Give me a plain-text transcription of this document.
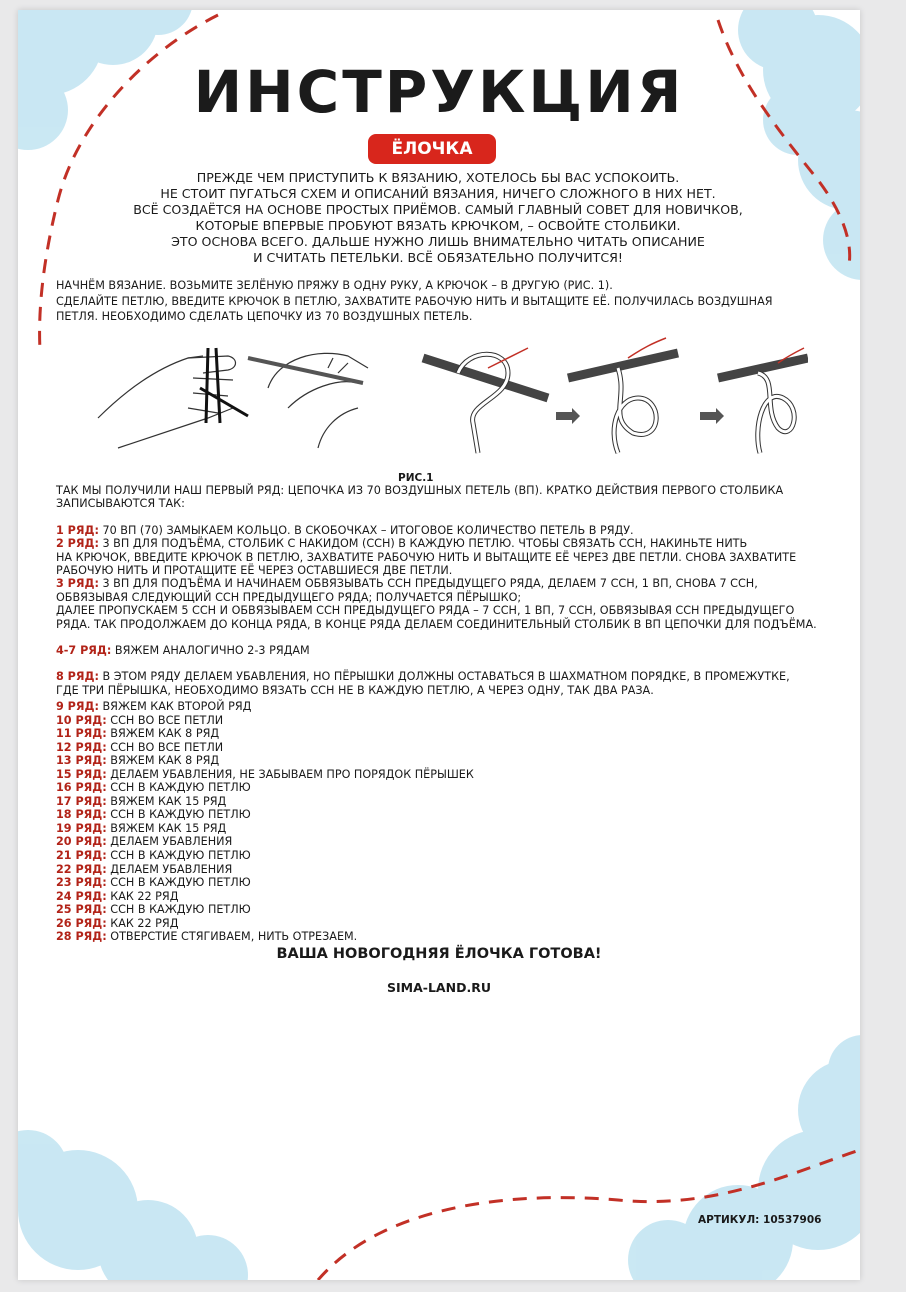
ИНСТРУКЦИЯ
ЁЛОЧКА
ПРЕЖДЕ ЧЕМ ПРИСТУПИТЬ К ВЯЗАНИЮ, ХОТЕЛОСЬ БЫ ВАС УСПОКОИТЬ.
НЕ СТОИТ ПУГАТЬСЯ СХЕМ И ОПИСАНИЙ ВЯЗАНИЯ, НИЧЕГО СЛОЖНОГО В НИХ НЕТ.
ВСЁ СОЗДАЁТСЯ НА ОСНОВЕ ПРОСТЫХ ПРИЁМОВ. САМЫЙ ГЛАВНЫЙ СОВЕТ ДЛЯ НОВИЧКОВ,
КОТОРЫЕ ВПЕРВЫЕ ПРОБУЮТ ВЯЗАТЬ КРЮЧКОМ, – ОСВОЙТЕ СТОЛБИКИ.
ЭТО ОСНОВА ВСЕГО. ДАЛЬШЕ НУЖНО ЛИШЬ ВНИМАТЕЛЬНО ЧИТАТЬ ОПИСАНИЕ
И СЧИТАТЬ ПЕТЕЛЬКИ. ВСЁ ОБЯЗАТЕЛЬНО ПОЛУЧИТСЯ!
НАЧНЁМ ВЯЗАНИЕ. ВОЗЬМИТЕ ЗЕЛЁНУЮ ПРЯЖУ В ОДНУ РУКУ, А КРЮЧОК – В ДРУГУЮ (РИС. 1).
СДЕЛАЙТЕ ПЕТЛЮ, ВВЕДИТЕ КРЮЧОК В ПЕТЛЮ, ЗАХВАТИТЕ РАБОЧУЮ НИТЬ И ВЫТАЩИТЕ ЕЁ. ПОЛУЧИЛАСЬ ВОЗДУШНАЯ
ПЕТЛЯ. НЕОБХОДИМО СДЕЛАТЬ ЦЕПОЧКУ ИЗ 70 ВОЗДУШНЫХ ПЕТЕЛЬ.
РИС.1
ТАК МЫ ПОЛУЧИЛИ НАШ ПЕРВЫЙ РЯД: ЦЕПОЧКА ИЗ 70 ВОЗДУШНЫХ ПЕТЕЛЬ (ВП). КРАТКО ДЕЙСТВИЯ ПЕРВОГО СТОЛБИКА
ЗАПИСЫВАЮТСЯ ТАК:
1 РЯД: 70 ВП (70) ЗАМЫКАЕМ КОЛЬЦО. В СКОБОЧКАХ – ИТОГОВОЕ КОЛИЧЕСТВО ПЕТЕЛЬ В РЯДУ.
2 РЯД: 3 ВП ДЛЯ ПОДЪЁМА, СТОЛБИК С НАКИДОМ (ССН) В КАЖДУЮ ПЕТЛЮ. ЧТОБЫ СВЯЗАТЬ ССН, НАКИНЬТЕ НИТЬ
НА КРЮЧОК, ВВЕДИТЕ КРЮЧОК В ПЕТЛЮ, ЗАХВАТИТЕ РАБОЧУЮ НИТЬ И ВЫТАЩИТЕ ЕЁ ЧЕРЕЗ ДВЕ ПЕТЛИ. СНОВА ЗАХВАТИТЕ
РАБОЧУЮ НИТЬ И ПРОТАЩИТЕ ЕЁ ЧЕРЕЗ ОСТАВШИЕСЯ ДВЕ ПЕТЛИ.
3 РЯД: 3 ВП ДЛЯ ПОДЪЁМА И НАЧИНАЕМ ОБВЯЗЫВАТЬ ССН ПРЕДЫДУЩЕГО РЯДА, ДЕЛАЕМ 7 ССН, 1 ВП, СНОВА 7 ССН,
ОБВЯЗЫВАЯ СЛЕДУЮЩИЙ ССН ПРЕДЫДУЩЕГО РЯДА; ПОЛУЧАЕТСЯ ПЁРЫШКО;
ДАЛЕЕ ПРОПУСКАЕМ 5 ССН И ОБВЯЗЫВАЕМ ССН ПРЕДЫДУЩЕГО РЯДА – 7 ССН, 1 ВП, 7 ССН, ОБВЯЗЫВАЯ ССН ПРЕДЫДУЩЕГО
РЯДА. ТАК ПРОДОЛЖАЕМ ДО КОНЦА РЯДА, В КОНЦЕ РЯДА ДЕЛАЕМ СОЕДИНИТЕЛЬНЫЙ СТОЛБИК В ВП ЦЕПОЧКИ ДЛЯ ПОДЪЁМА.
4-7 РЯД: ВЯЖЕМ АНАЛОГИЧНО 2-3 РЯДАМ
8 РЯД: В ЭТОМ РЯДУ ДЕЛАЕМ УБАВЛЕНИЯ, НО ПЁРЫШКИ ДОЛЖНЫ ОСТАВАТЬСЯ В ШАХМАТНОМ ПОРЯДКЕ, В ПРОМЕЖУТКЕ,
ГДЕ ТРИ ПЁРЫШКА, НЕОБХОДИМО ВЯЗАТЬ ССН НЕ В КАЖДУЮ ПЕТЛЮ, А ЧЕРЕЗ ОДНУ, ТАК ДВА РАЗА.
9 РЯД: ВЯЖЕМ КАК ВТОРОЙ РЯД
10 РЯД: ССН ВО ВСЕ ПЕТЛИ
11 РЯД: ВЯЖЕМ КАК 8 РЯД
12 РЯД: ССН ВО ВСЕ ПЕТЛИ
13 РЯД: ВЯЖЕМ КАК 8 РЯД
15 РЯД: ДЕЛАЕМ УБАВЛЕНИЯ, НЕ ЗАБЫВАЕМ ПРО ПОРЯДОК ПЁРЫШЕК
16 РЯД: ССН В КАЖДУЮ ПЕТЛЮ
17 РЯД: ВЯЖЕМ КАК 15 РЯД
18 РЯД: ССН В КАЖДУЮ ПЕТЛЮ
19 РЯД: ВЯЖЕМ КАК 15 РЯД
20 РЯД: ДЕЛАЕМ УБАВЛЕНИЯ
21 РЯД: ССН В КАЖДУЮ ПЕТЛЮ
22 РЯД: ДЕЛАЕМ УБАВЛЕНИЯ
23 РЯД: ССН В КАЖДУЮ ПЕТЛЮ
24 РЯД: КАК 22 РЯД
25 РЯД: ССН В КАЖДУЮ ПЕТЛЮ
26 РЯД: КАК 22 РЯД
28 РЯД: ОТВЕРСТИЕ СТЯГИВАЕМ, НИТЬ ОТРЕЗАЕМ.
ВАША НОВОГОДНЯЯ ЁЛОЧКА ГОТОВА!
SIMA-LAND.RU
АРТИКУЛ: 10537906
